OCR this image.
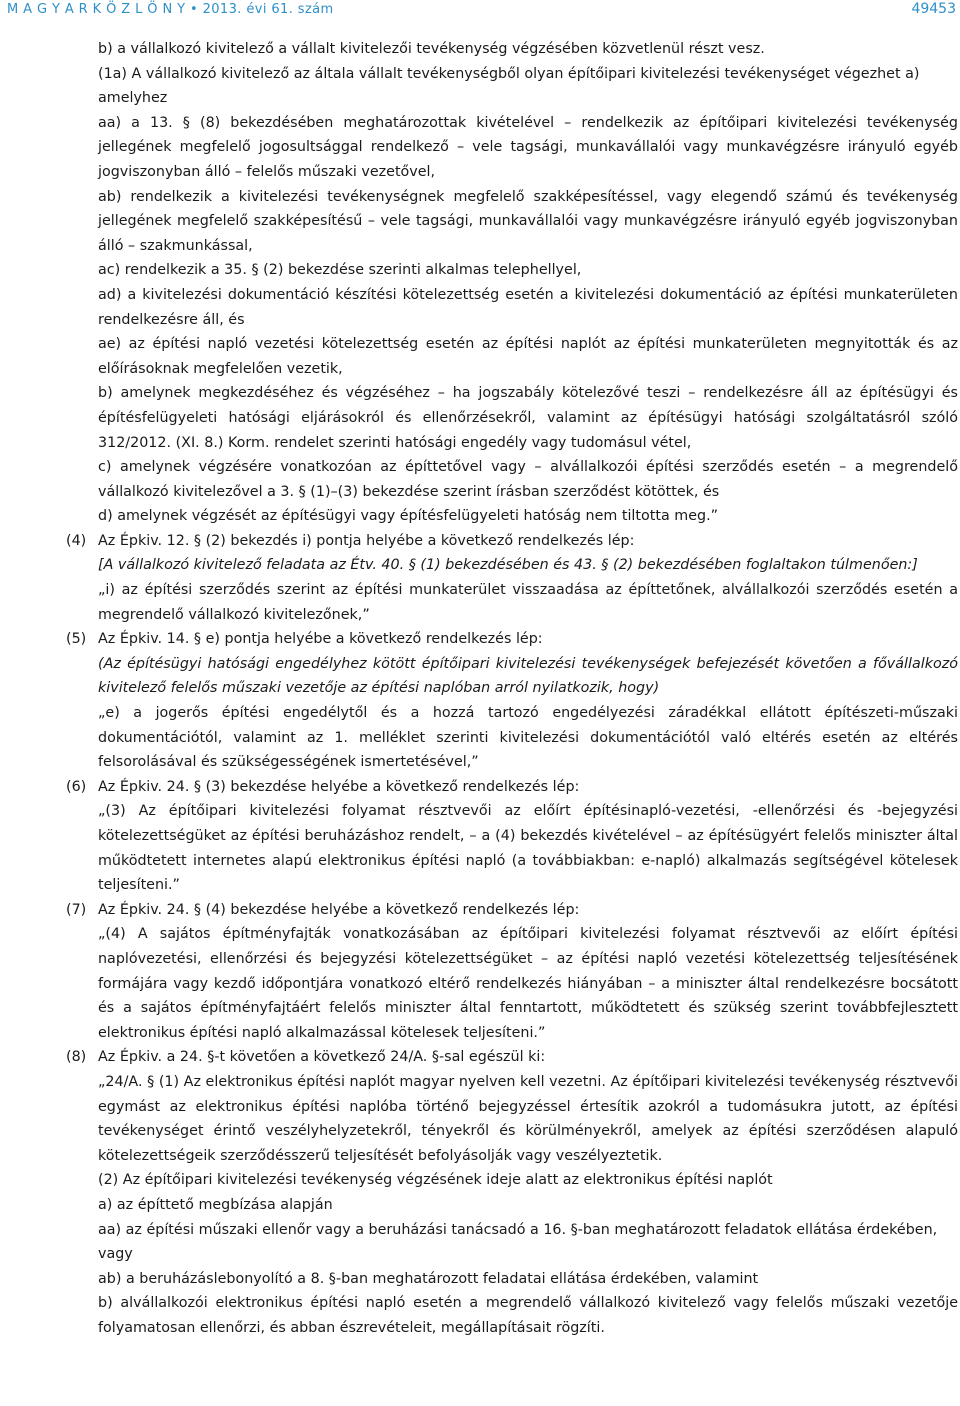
M A G Y A R K Ö Z L Ö N Y • 2013. évi 61. szám	49453

b) a vállalkozó kivitelező a vállalt kivitelezői tevékenység végzésében közvetlenül részt vesz.

(1a) A vállalkozó kivitelező az általa vállalt tevékenységből olyan építőipari kivitelezési tevékenységet végezhet a) amelyhez

aa) a 13. § (8) bekezdésében meghatározottak kivételével – rendelkezik az építőipari kivitelezési tevékenység jellegének megfelelő jogosultsággal rendelkező – vele tagsági, munkavállalói vagy munkavégzésre irányuló egyéb jogviszonyban álló – felelős műszaki vezetővel,

ab) rendelkezik a kivitelezési tevékenységnek megfelelő szakképesítéssel, vagy elegendő számú és tevékenység jellegének megfelelő szakképesítésű – vele tagsági, munkavállalói vagy munkavégzésre irányuló egyéb jogviszonyban álló – szakmunkással,

ac) rendelkezik a 35. § (2) bekezdése szerinti alkalmas telephellyel,

ad) a kivitelezési dokumentáció készítési kötelezettség esetén a kivitelezési dokumentáció az építési munkaterületen rendelkezésre áll, és

ae) az építési napló vezetési kötelezettség esetén az építési naplót az építési munkaterületen megnyitották és az előírásoknak megfelelően vezetik,

b) amelynek megkezdéséhez és végzéséhez – ha jogszabály kötelezővé teszi – rendelkezésre áll az építésügyi és építésfelügyeleti hatósági eljárásokról és ellenőrzésekről, valamint az építésügyi hatósági szolgáltatásról szóló 312/2012. (XI. 8.) Korm. rendelet szerinti hatósági engedély vagy tudomásul vétel,

c) amelynek végzésére vonatkozóan az építtetővel vagy – alvállalkozói építési szerződés esetén – a megrendelő vállalkozó kivitelezővel a 3. § (1)–(3) bekezdése szerint írásban szerződést kötöttek, és

d) amelynek végzését az építésügyi vagy építésfelügyeleti hatóság nem tiltotta meg.”

(4) Az Épkiv. 12. § (2) bekezdés i) pontja helyébe a következő rendelkezés lép:

[A vállalkozó kivitelező feladata az Étv. 40. § (1) bekezdésében és 43. § (2) bekezdésében foglaltakon túlmenően:]

„i) az építési szerződés szerint az építési munkaterület visszaadása az építtetőnek, alvállalkozói szerződés esetén a megrendelő vállalkozó kivitelezőnek,”

(5) Az Épkiv. 14. § e) pontja helyébe a következő rendelkezés lép:

(Az építésügyi hatósági engedélyhez kötött építőipari kivitelezési tevékenységek befejezését követően a fővállalkozó kivitelező felelős műszaki vezetője az építési naplóban arról nyilatkozik, hogy)

„e) a jogerős építési engedélytől és a hozzá tartozó engedélyezési záradékkal ellátott építészeti-műszaki dokumentációtól, valamint az 1. melléklet szerinti kivitelezési dokumentációtól való eltérés esetén az eltérés felsorolásával és szükségességének ismertetésével,”

(6) Az Épkiv. 24. § (3) bekezdése helyébe a következő rendelkezés lép:

„(3) Az építőipari kivitelezési folyamat résztvevői az előírt építésinapló-vezetési, -ellenőrzési és -bejegyzési kötelezettségüket az építési beruházáshoz rendelt, – a (4) bekezdés kivételével – az építésügyért felelős miniszter által működtetett internetes alapú elektronikus építési napló (a továbbiakban: e-napló) alkalmazás segítségével kötelesek teljesíteni.”

(7) Az Épkiv. 24. § (4) bekezdése helyébe a következő rendelkezés lép:

„(4) A sajátos építményfajták vonatkozásában az építőipari kivitelezési folyamat résztvevői az előírt építési naplóvezetési, ellenőrzési és bejegyzési kötelezettségüket – az építési napló vezetési kötelezettség teljesítésének formájára vagy kezdő időpontjára vonatkozó eltérő rendelkezés hiányában – a miniszter által rendelkezésre bocsátott és a sajátos építményfajtáért felelős miniszter által fenntartott, működtetett és szükség szerint továbbfejlesztett elektronikus építési napló alkalmazással kötelesek teljesíteni.”

(8) Az Épkiv. a 24. §-t követően a következő 24/A. §-sal egészül ki:

„24/A. § (1) Az elektronikus építési naplót magyar nyelven kell vezetni. Az építőipari kivitelezési tevékenység résztvevői egymást az elektronikus építési naplóba történő bejegyzéssel értesítik azokról a tudomásukra jutott, az építési tevékenységet érintő veszélyhelyzetekről, tényekről és körülményekről, amelyek az építési szerződésen alapuló kötelezettségeik szerződésszerű teljesítését befolyásolják vagy veszélyeztetik.

(2) Az építőipari kivitelezési tevékenység végzésének ideje alatt az elektronikus építési naplót

a) az építtető megbízása alapján

aa) az építési műszaki ellenőr vagy a beruházási tanácsadó a 16. §-ban meghatározott feladatok ellátása érdekében, vagy

ab) a beruházáslebonyolító a 8. §-ban meghatározott feladatai ellátása érdekében, valamint

b) alvállalkozói elektronikus építési napló esetén a megrendelő vállalkozó kivitelező vagy felelős műszaki vezetője folyamatosan ellenőrzi, és abban észrevételeit, megállapításait rögzíti.
